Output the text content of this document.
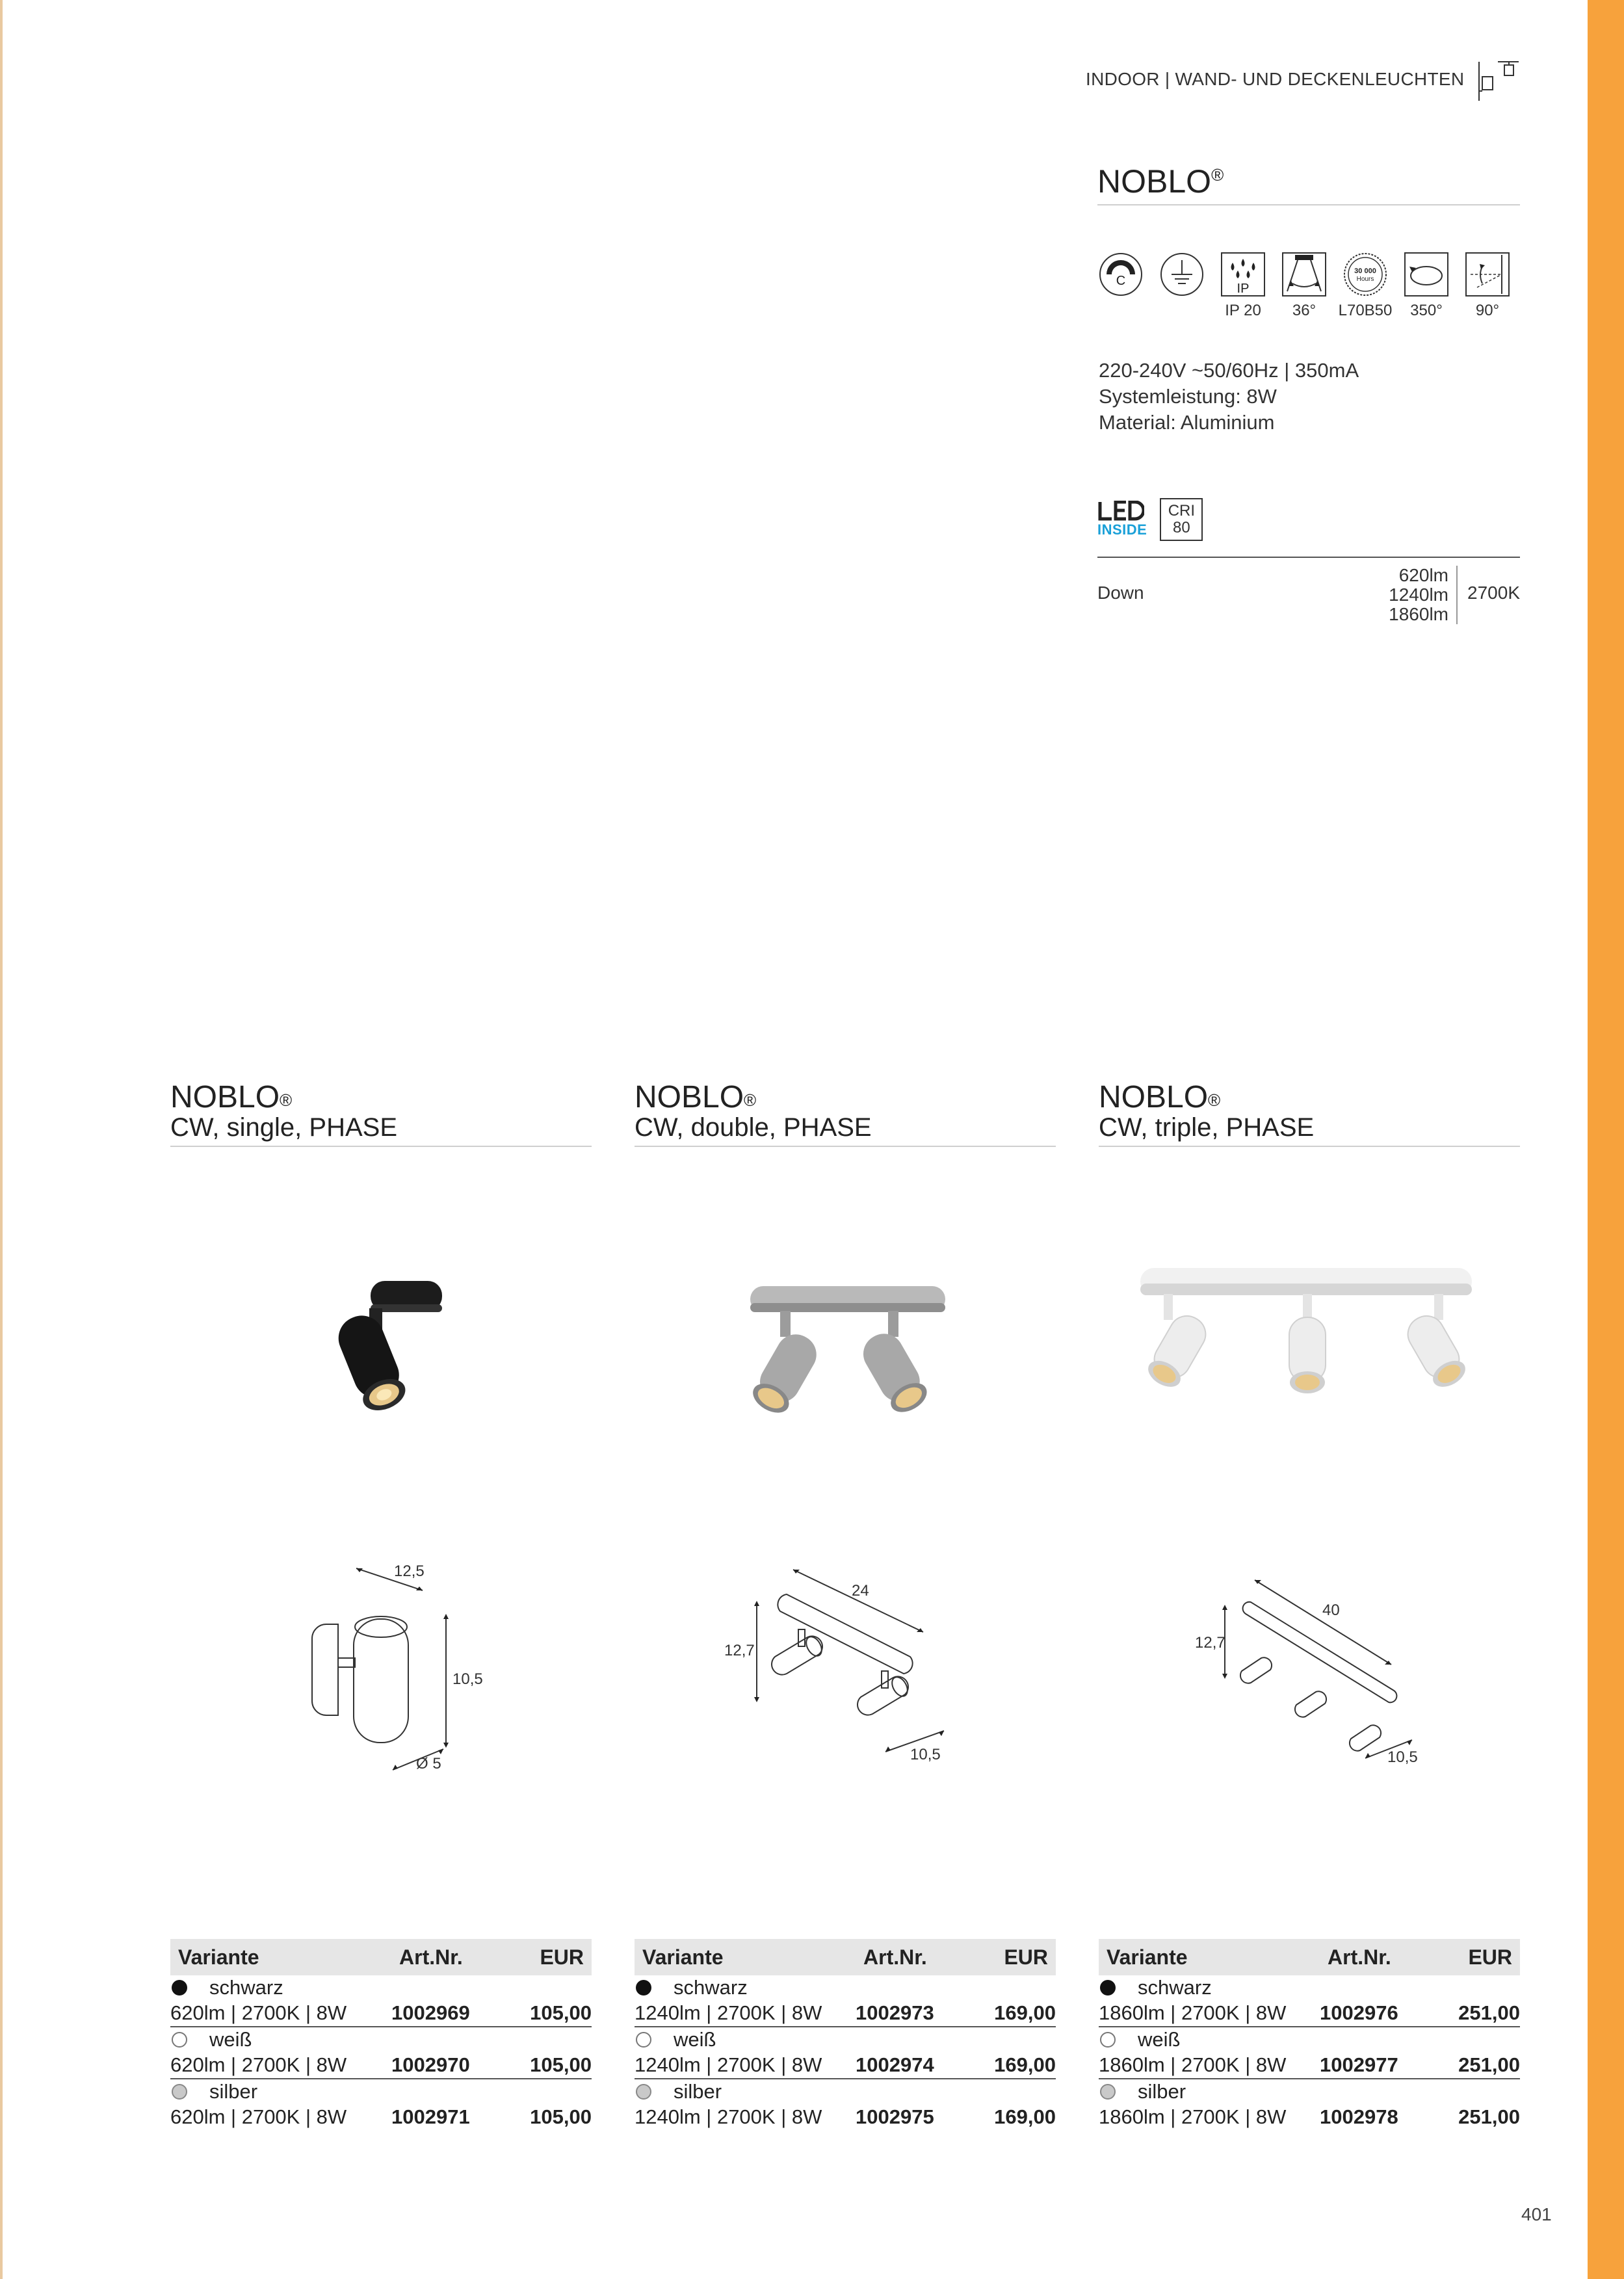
INDOOR | WAND- UND DECKENLEUCHTEN
NOBLO®
C
IP
IP 20 36°
30 000
Hours
L70B50 350° 90°
220-240V ~50/60Hz | 350mA
Systemleistung: 8W
Material: Aluminium
INSIDE
CRI
80
Down
620lm
1240lm
1860lm
2700K
NOBLO®
CW, single, PHASE
NOBLO®
CW, double, PHASE
NOBLO®
CW, triple, PHASE
12,5
10,5
Ø 5
24
12,7
10,5
40
12,7
10,5
Variante	Art.Nr.	EUR
schwarz
620lm | 2700K | 8W	1002969	105,00
weiß
620lm | 2700K | 8W	1002970	105,00
silber
620lm | 2700K | 8W	1002971	105,00
Variante	Art.Nr.	EUR
schwarz
1240lm | 2700K | 8W	1002973	169,00
weiß
1240lm | 2700K | 8W	1002974	169,00
silber
1240lm | 2700K | 8W	1002975	169,00
Variante	Art.Nr.	EUR
schwarz
1860lm | 2700K | 8W	1002976	251,00
weiß
1860lm | 2700K | 8W	1002977	251,00
silber
1860lm | 2700K | 8W	1002978	251,00
401
